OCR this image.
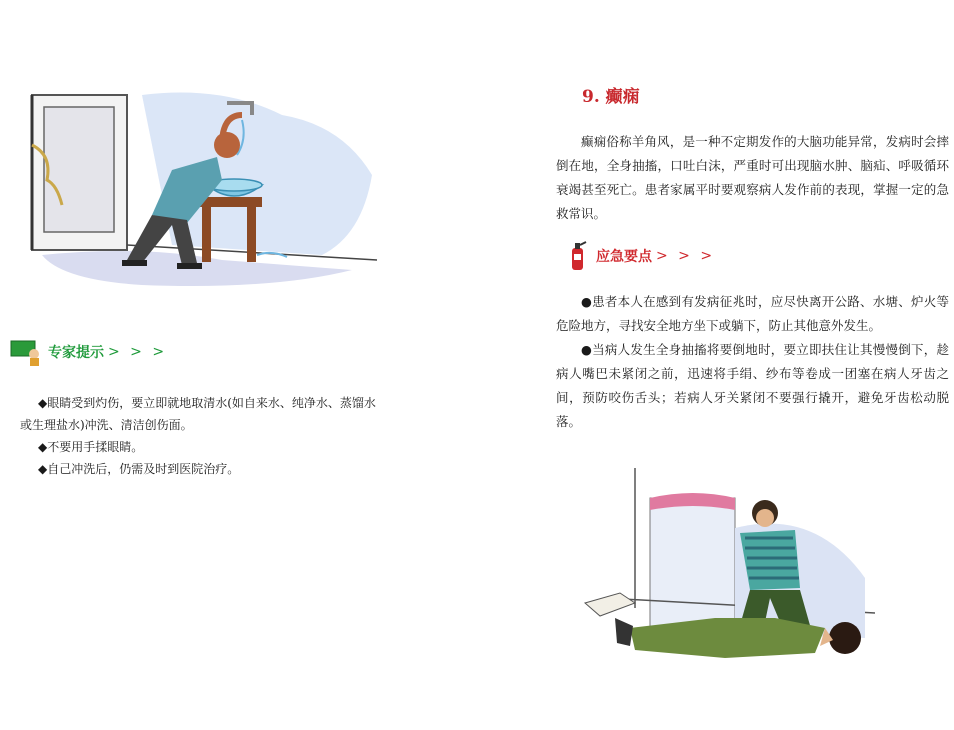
专家提示 > > >

◆眼睛受到灼伤，要立即就地取清水(如自来水、纯净水、蒸馏水或生理盐水)冲洗、清洁创伤面。

◆不要用手揉眼睛。

◆自己冲洗后，仍需及时到医院治疗。

9. 癫痫

癫痫俗称羊角风，是一种不定期发作的大脑功能异常，发病时会摔倒在地，全身抽搐，口吐白沫，严重时可出现脑水肿、脑疝、呼吸循环衰竭甚至死亡。患者家属平时要观察病人发作前的表现，掌握一定的急救常识。

应急要点 > > >

●患者本人在感到有发病征兆时，应尽快离开公路、水塘、炉火等危险地方，寻找安全地方坐下或躺下，防止其他意外发生。

●当病人发生全身抽搐将要倒地时，要立即扶住让其慢慢倒下，趁病人嘴巴未紧闭之前，迅速将手绢、纱布等卷成一团塞在病人牙齿之间，预防咬伤舌头；若病人牙关紧闭不要强行撬开，避免牙齿松动脱落。
